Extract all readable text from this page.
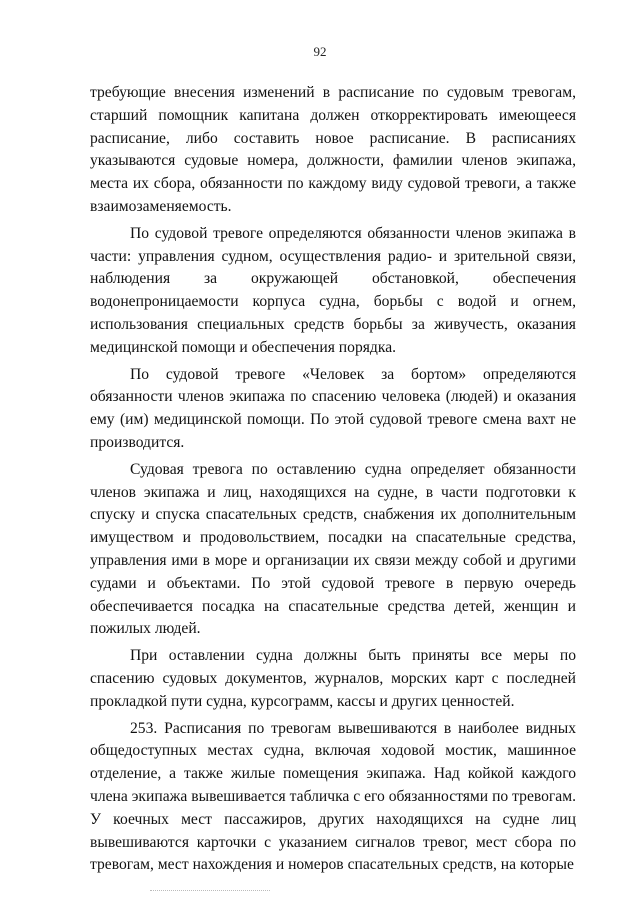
92

требующие внесения изменений в расписание по судовым тревогам, старший помощник капитана должен откорректировать имеющееся расписание, либо составить новое расписание. В расписаниях указываются судовые номера, должности, фамилии членов экипажа, места их сбора, обязанности по каждому виду судовой тревоги, а также взаимозаменяемость.

По судовой тревоге определяются обязанности членов экипажа в части: управления судном, осуществления радио- и зрительной связи, наблюдения за окружающей обстановкой, обеспечения водонепроницаемости корпуса судна, борьбы с водой и огнем, использования специальных средств борьбы за живучесть, оказания медицинской помощи и обеспечения порядка.

По судовой тревоге «Человек за бортом» определяются обязанности членов экипажа по спасению человека (людей) и оказания ему (им) медицинской помощи. По этой судовой тревоге смена вахт не производится.

Судовая тревога по оставлению судна определяет обязанности членов экипажа и лиц, находящихся на судне, в части подготовки к спуску и спуска спасательных средств, снабжения их дополнительным имуществом и продовольствием, посадки на спасательные средства, управления ими в море и организации их связи между собой и другими судами и объектами. По этой судовой тревоге в первую очередь обеспечивается посадка на спасательные средства детей, женщин и пожилых людей.

При оставлении судна должны быть приняты все меры по спасению судовых документов, журналов, морских карт с последней прокладкой пути судна, курсограмм, кассы и других ценностей.

253. Расписания по тревогам вывешиваются в наиболее видных общедоступных местах судна, включая ходовой мостик, машинное отделение, а также жилые помещения экипажа. Над койкой каждого члена экипажа вывешивается табличка с его обязанностями по тревогам. У коечных мест пассажиров, других находящихся на судне лиц вывешиваются карточки с указанием сигналов тревог, мест сбора по тревогам, мест нахождения и номеров спасательных средств, на которые
